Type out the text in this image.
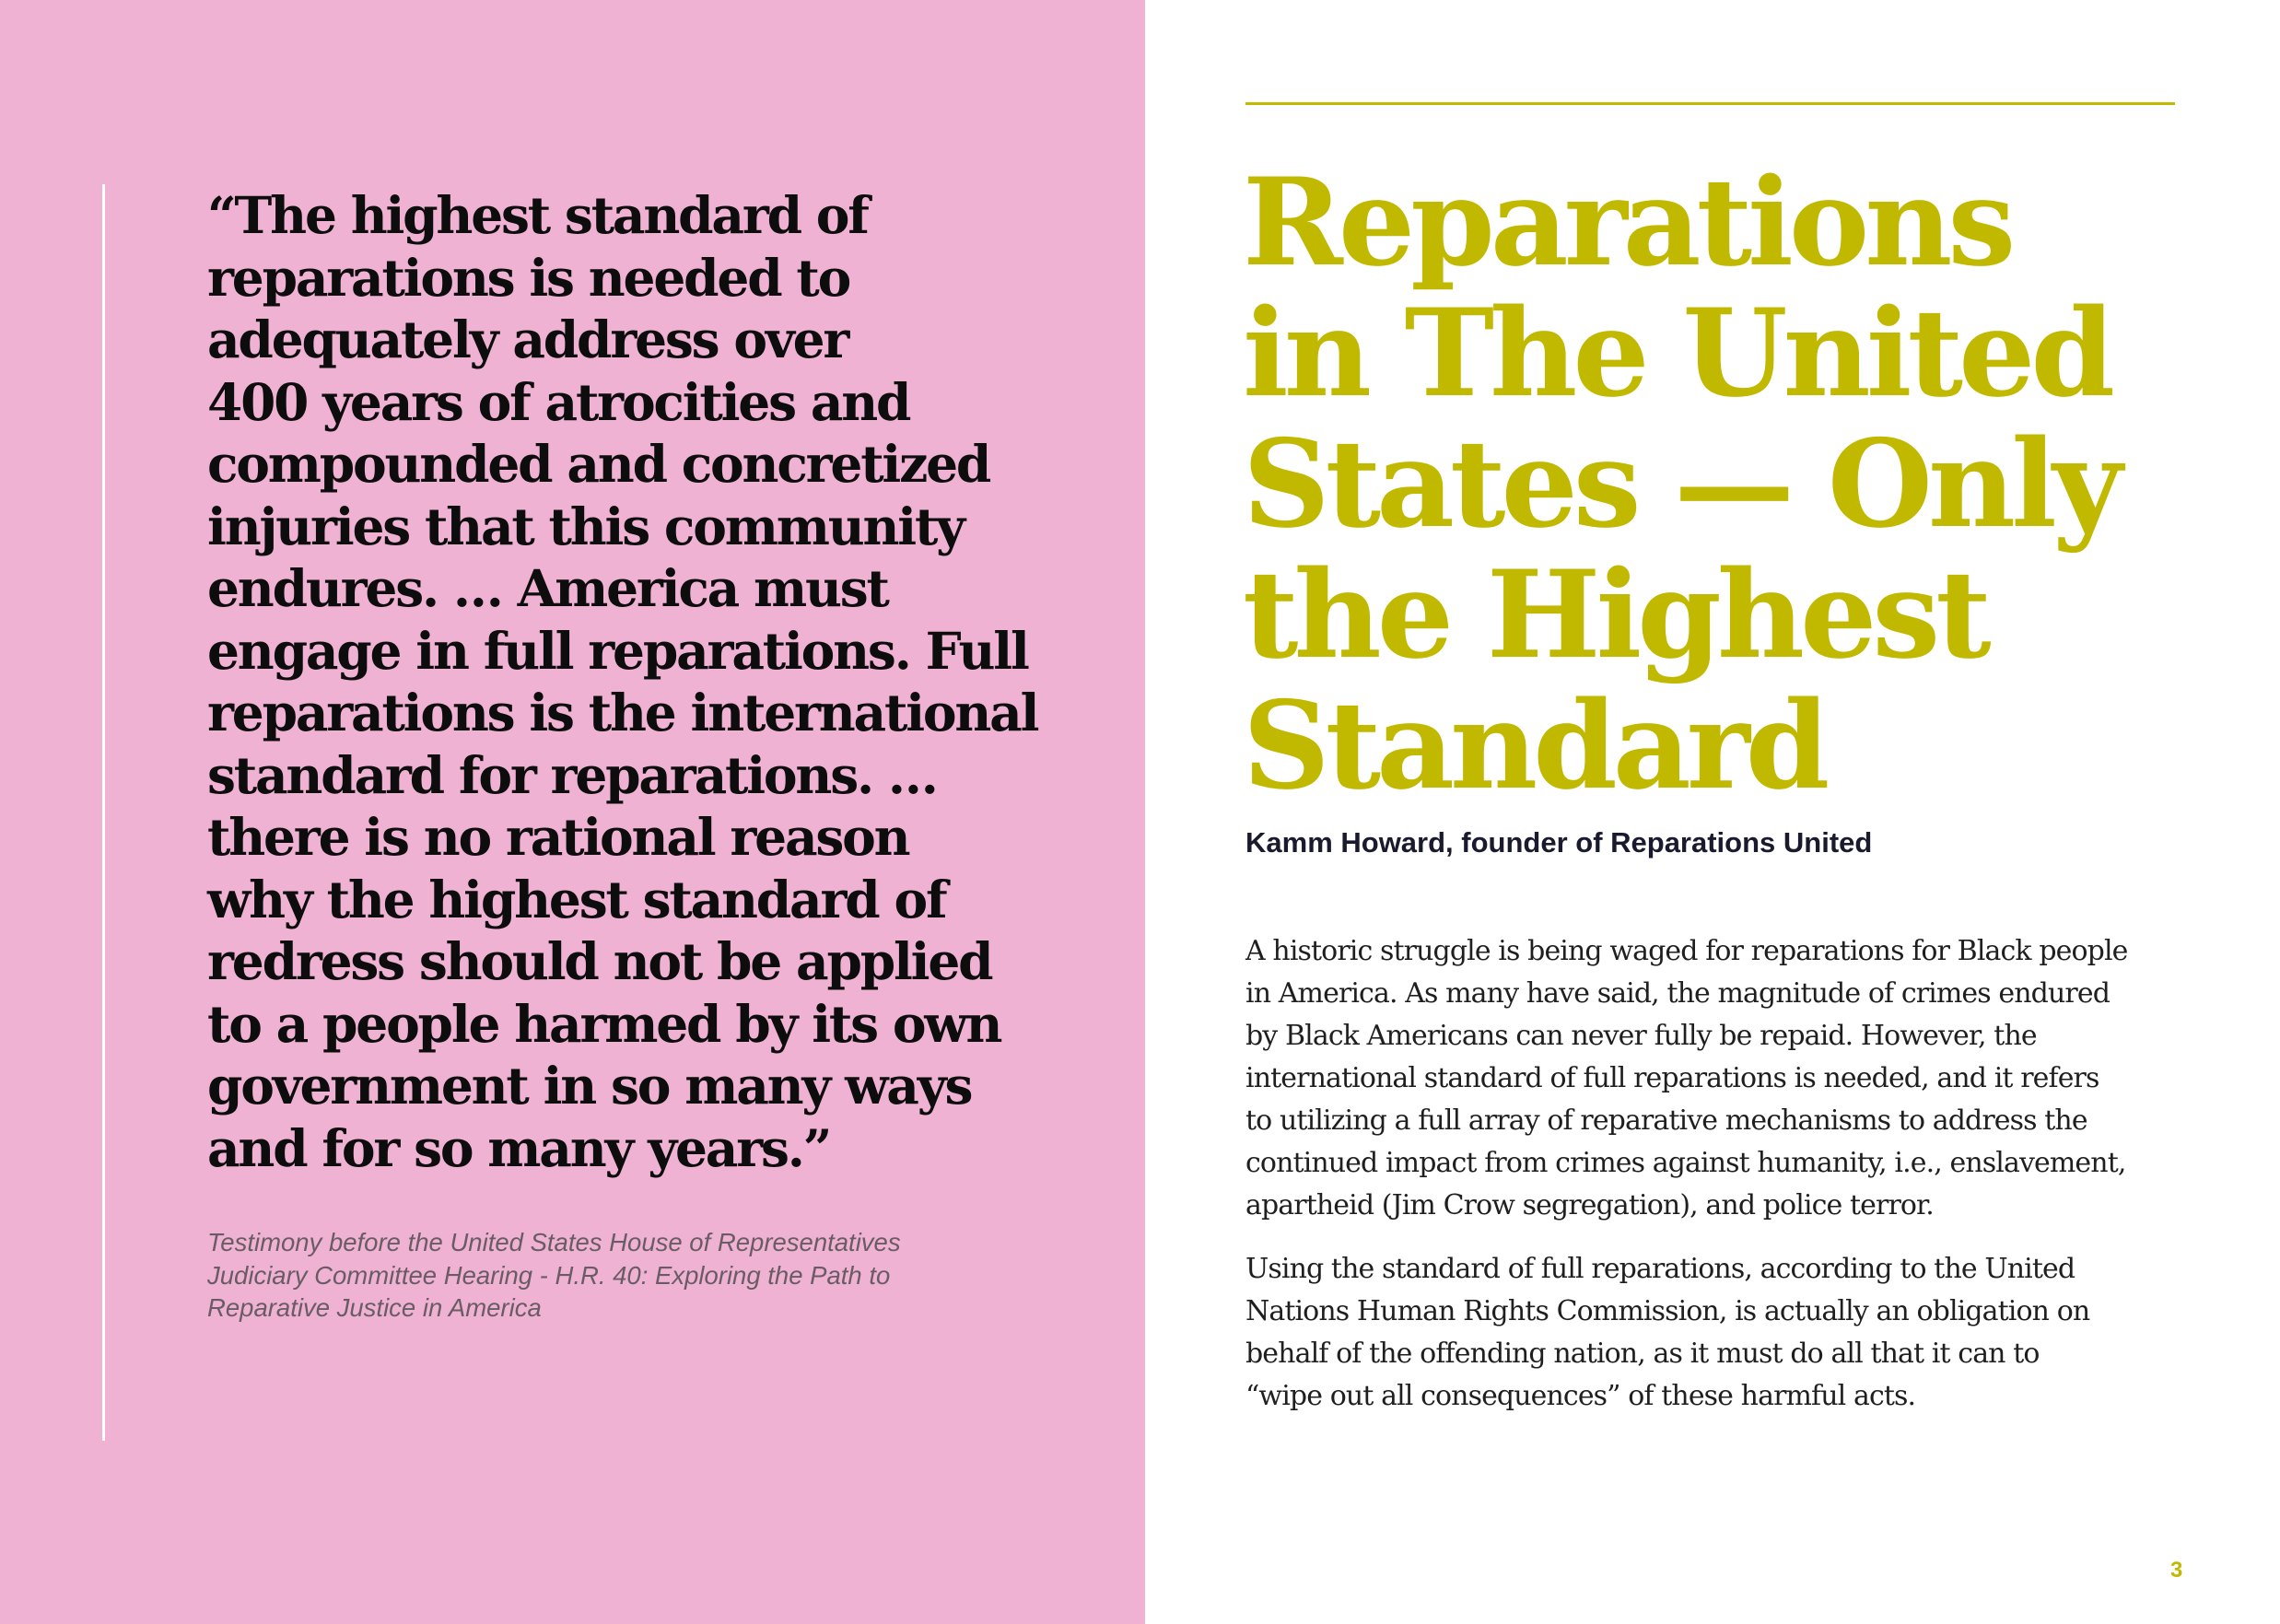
“The highest standard of
reparations is needed to
adequately address over
400 years of atrocities and
compounded and concretized
injuries that this community
endures. … America must
engage in full reparations. Full
reparations is the international
standard for reparations. …
there is no rational reason
why the highest standard of
redress should not be applied
to a people harmed by its own
government in so many ways
and for so many years.”

Testimony before the United States House of Representatives
Judiciary Committee Hearing - H.R. 40: Exploring the Path to
Reparative Justice in America

Reparations
in The United
States — Only
the Highest
Standard

Kamm Howard, founder of Reparations United

A historic struggle is being waged for reparations for Black people
in America. As many have said, the magnitude of crimes endured
by Black Americans can never fully be repaid. However, the
international standard of full reparations is needed, and it refers
to utilizing a full array of reparative mechanisms to address the
continued impact from crimes against humanity, i.e., enslavement,
apartheid (Jim Crow segregation), and police terror.

Using the standard of full reparations, according to the United
Nations Human Rights Commission, is actually an obligation on
behalf of the offending nation, as it must do all that it can to
“wipe out all consequences” of these harmful acts.

3
